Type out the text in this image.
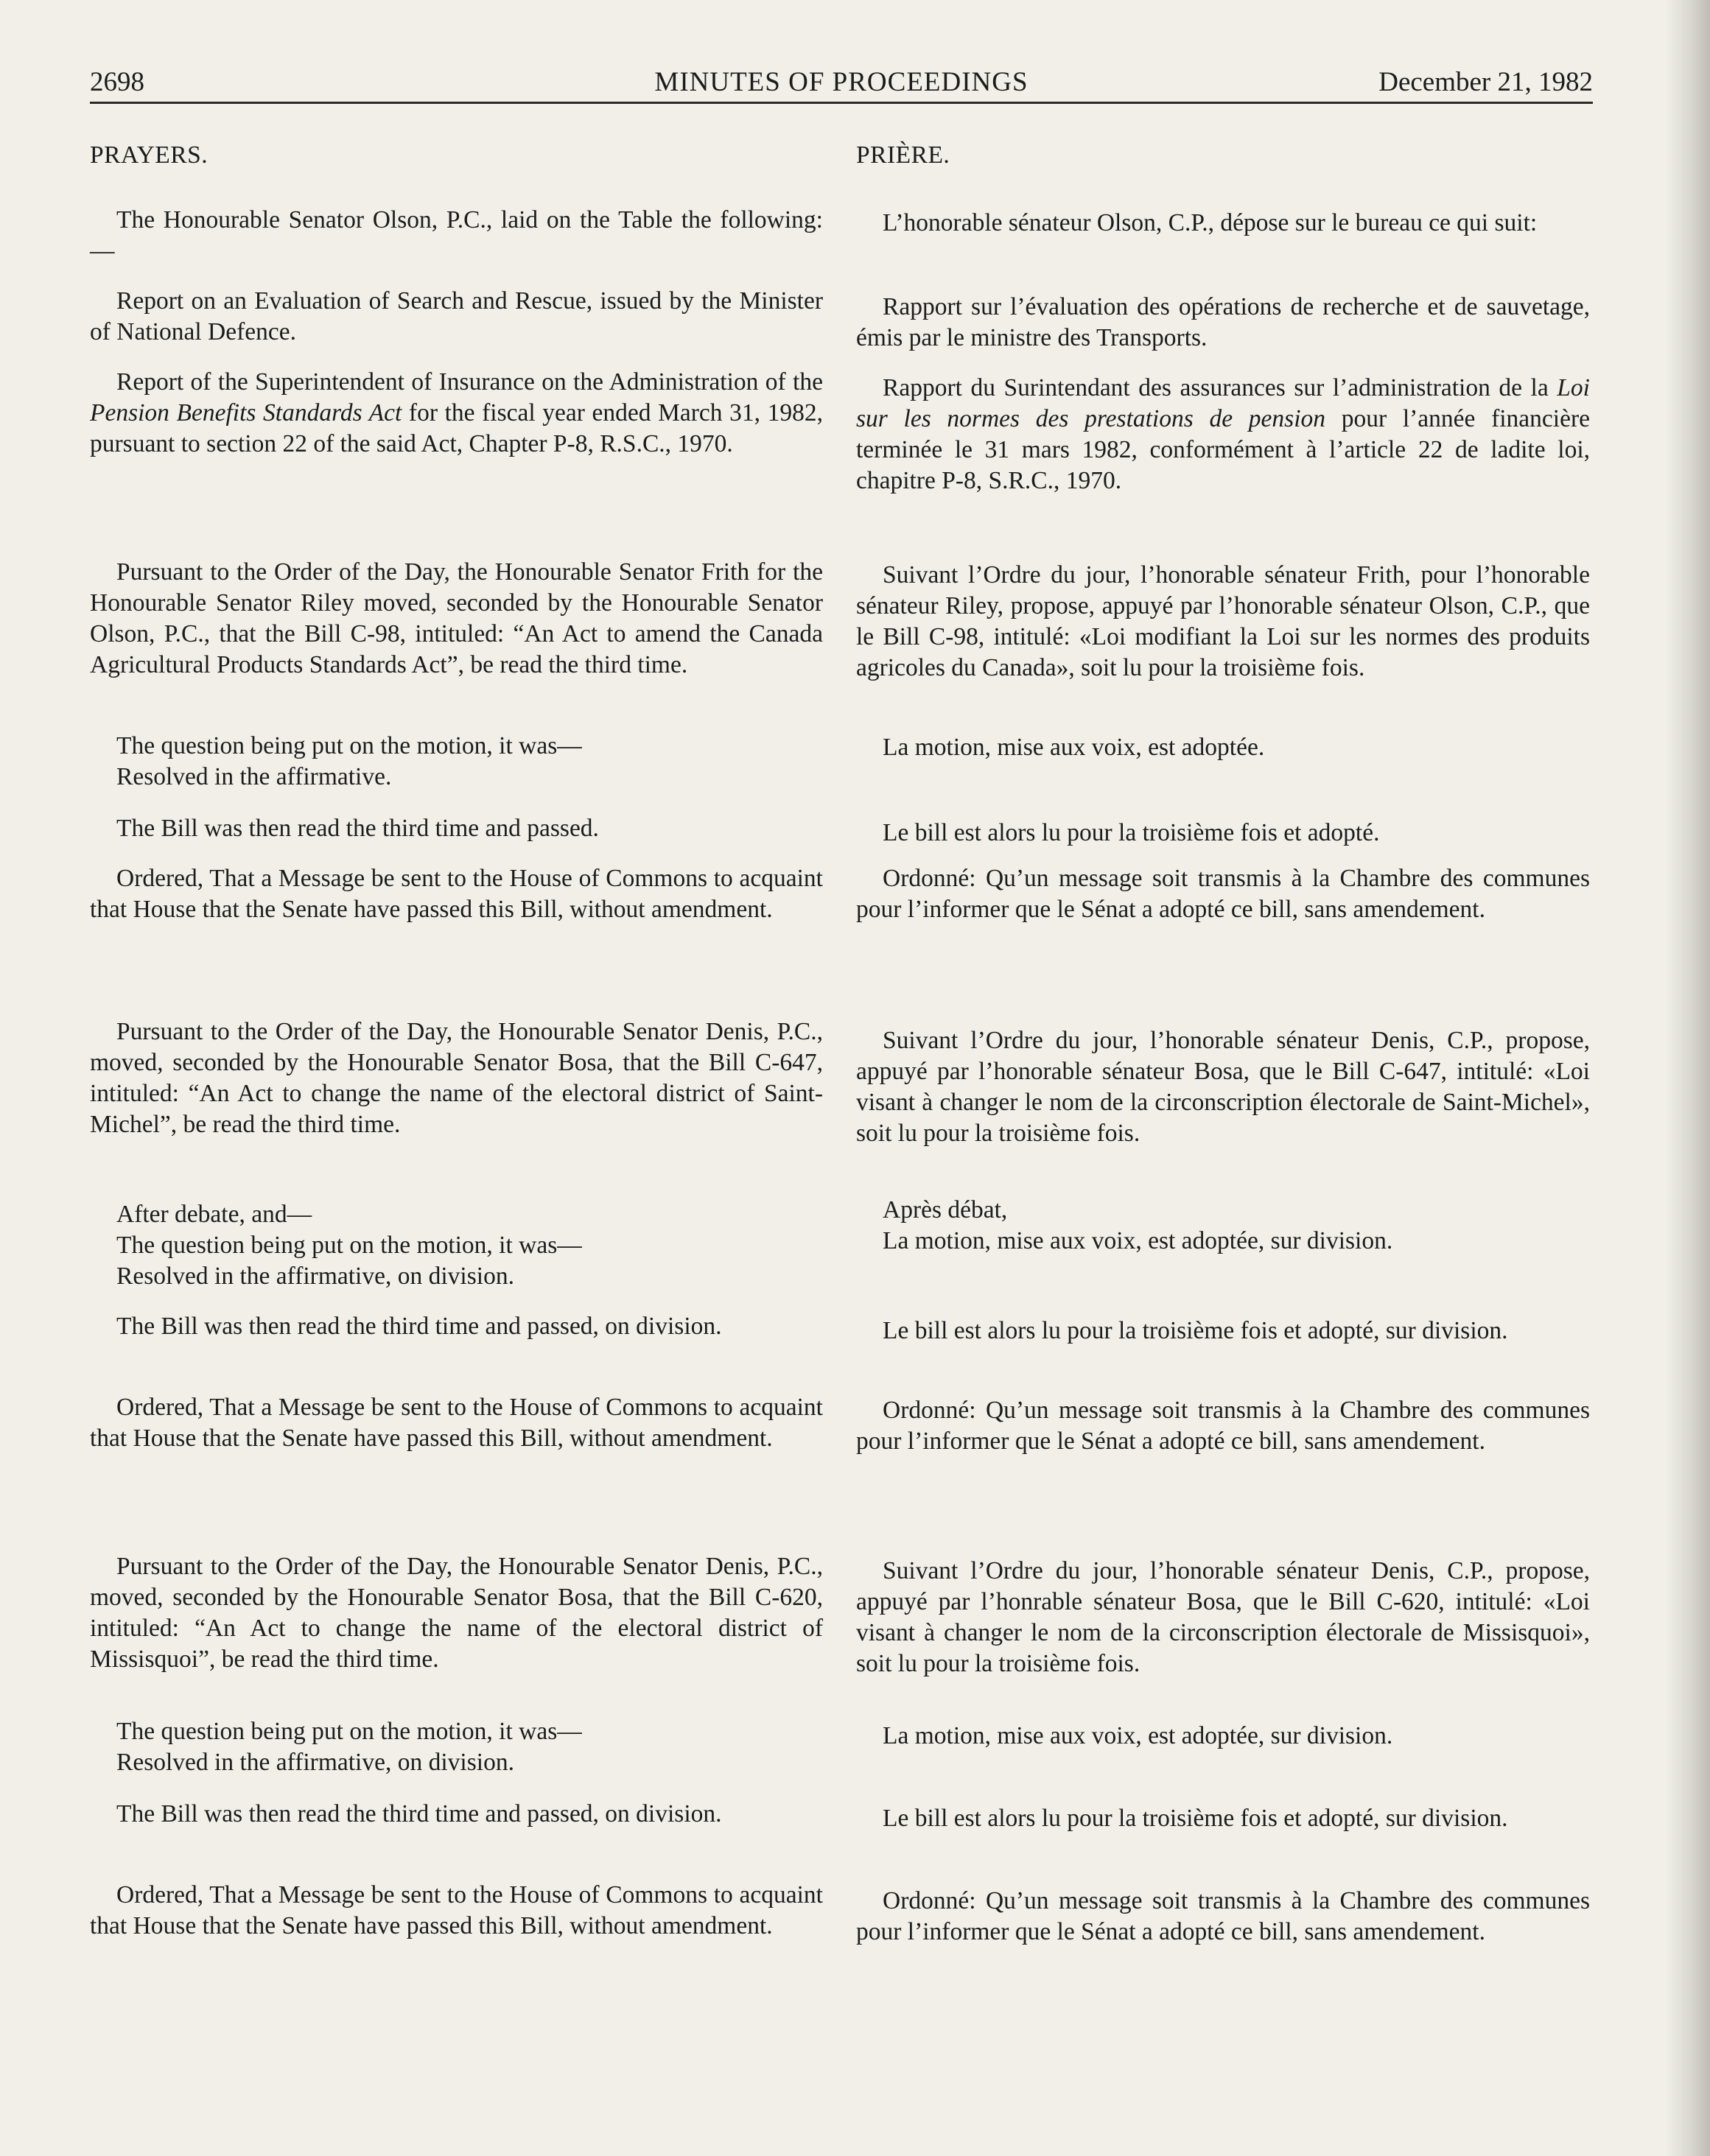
2698	MINUTES OF PROCEEDINGS	December 21, 1982

PRAYERS.

The Honourable Senator Olson, P.C., laid on the Table the following:—

Report on an Evaluation of Search and Rescue, issued by the Minister of National Defence.

Report of the Superintendent of Insurance on the Administration of the Pension Benefits Standards Act for the fiscal year ended March 31, 1982, pursuant to section 22 of the said Act, Chapter P-8, R.S.C., 1970.

Pursuant to the Order of the Day, the Honourable Senator Frith for the Honourable Senator Riley moved, seconded by the Honourable Senator Olson, P.C., that the Bill C-98, intituled: “An Act to amend the Canada Agricultural Products Standards Act”, be read the third time.

The question being put on the motion, it was—

Resolved in the affirmative.

The Bill was then read the third time and passed.

Ordered, That a Message be sent to the House of Commons to acquaint that House that the Senate have passed this Bill, without amendment.

Pursuant to the Order of the Day, the Honourable Senator Denis, P.C., moved, seconded by the Honourable Senator Bosa, that the Bill C-647, intituled: “An Act to change the name of the electoral district of Saint-Michel”, be read the third time.

After debate, and—

The question being put on the motion, it was—

Resolved in the affirmative, on division.

The Bill was then read the third time and passed, on division.

Ordered, That a Message be sent to the House of Commons to acquaint that House that the Senate have passed this Bill, without amendment.

Pursuant to the Order of the Day, the Honourable Senator Denis, P.C., moved, seconded by the Honourable Senator Bosa, that the Bill C-620, intituled: “An Act to change the name of the electoral district of Missisquoi”, be read the third time.

The question being put on the motion, it was—

Resolved in the affirmative, on division.

The Bill was then read the third time and passed, on division.

Ordered, That a Message be sent to the House of Commons to acquaint that House that the Senate have passed this Bill, without amendment.

PRIÈRE.

L’honorable sénateur Olson, C.P., dépose sur le bureau ce qui suit:

Rapport sur l’évaluation des opérations de recherche et de sauvetage, émis par le ministre des Transports.

Rapport du Surintendant des assurances sur l’administration de la Loi sur les normes des prestations de pension pour l’année financière terminée le 31 mars 1982, conformément à l’article 22 de ladite loi, chapitre P-8, S.R.C., 1970.

Suivant l’Ordre du jour, l’honorable sénateur Frith, pour l’honorable sénateur Riley, propose, appuyé par l’honorable sénateur Olson, C.P., que le Bill C-98, intitulé: «Loi modifiant la Loi sur les normes des produits agricoles du Canada», soit lu pour la troisième fois.

La motion, mise aux voix, est adoptée.

Le bill est alors lu pour la troisième fois et adopté.

Ordonné: Qu’un message soit transmis à la Chambre des communes pour l’informer que le Sénat a adopté ce bill, sans amendement.

Suivant l’Ordre du jour, l’honorable sénateur Denis, C.P., propose, appuyé par l’honorable sénateur Bosa, que le Bill C-647, intitulé: «Loi visant à changer le nom de la circonscription électorale de Saint-Michel», soit lu pour la troisième fois.

Après débat,

La motion, mise aux voix, est adoptée, sur division.

Le bill est alors lu pour la troisième fois et adopté, sur division.

Ordonné: Qu’un message soit transmis à la Chambre des communes pour l’informer que le Sénat a adopté ce bill, sans amendement.

Suivant l’Ordre du jour, l’honorable sénateur Denis, C.P., propose, appuyé par l’honrable sénateur Bosa, que le Bill C-620, intitulé: «Loi visant à changer le nom de la circonscription électorale de Missisquoi», soit lu pour la troisième fois.

La motion, mise aux voix, est adoptée, sur division.

Le bill est alors lu pour la troisième fois et adopté, sur division.

Ordonné: Qu’un message soit transmis à la Chambre des communes pour l’informer que le Sénat a adopté ce bill, sans amendement.
